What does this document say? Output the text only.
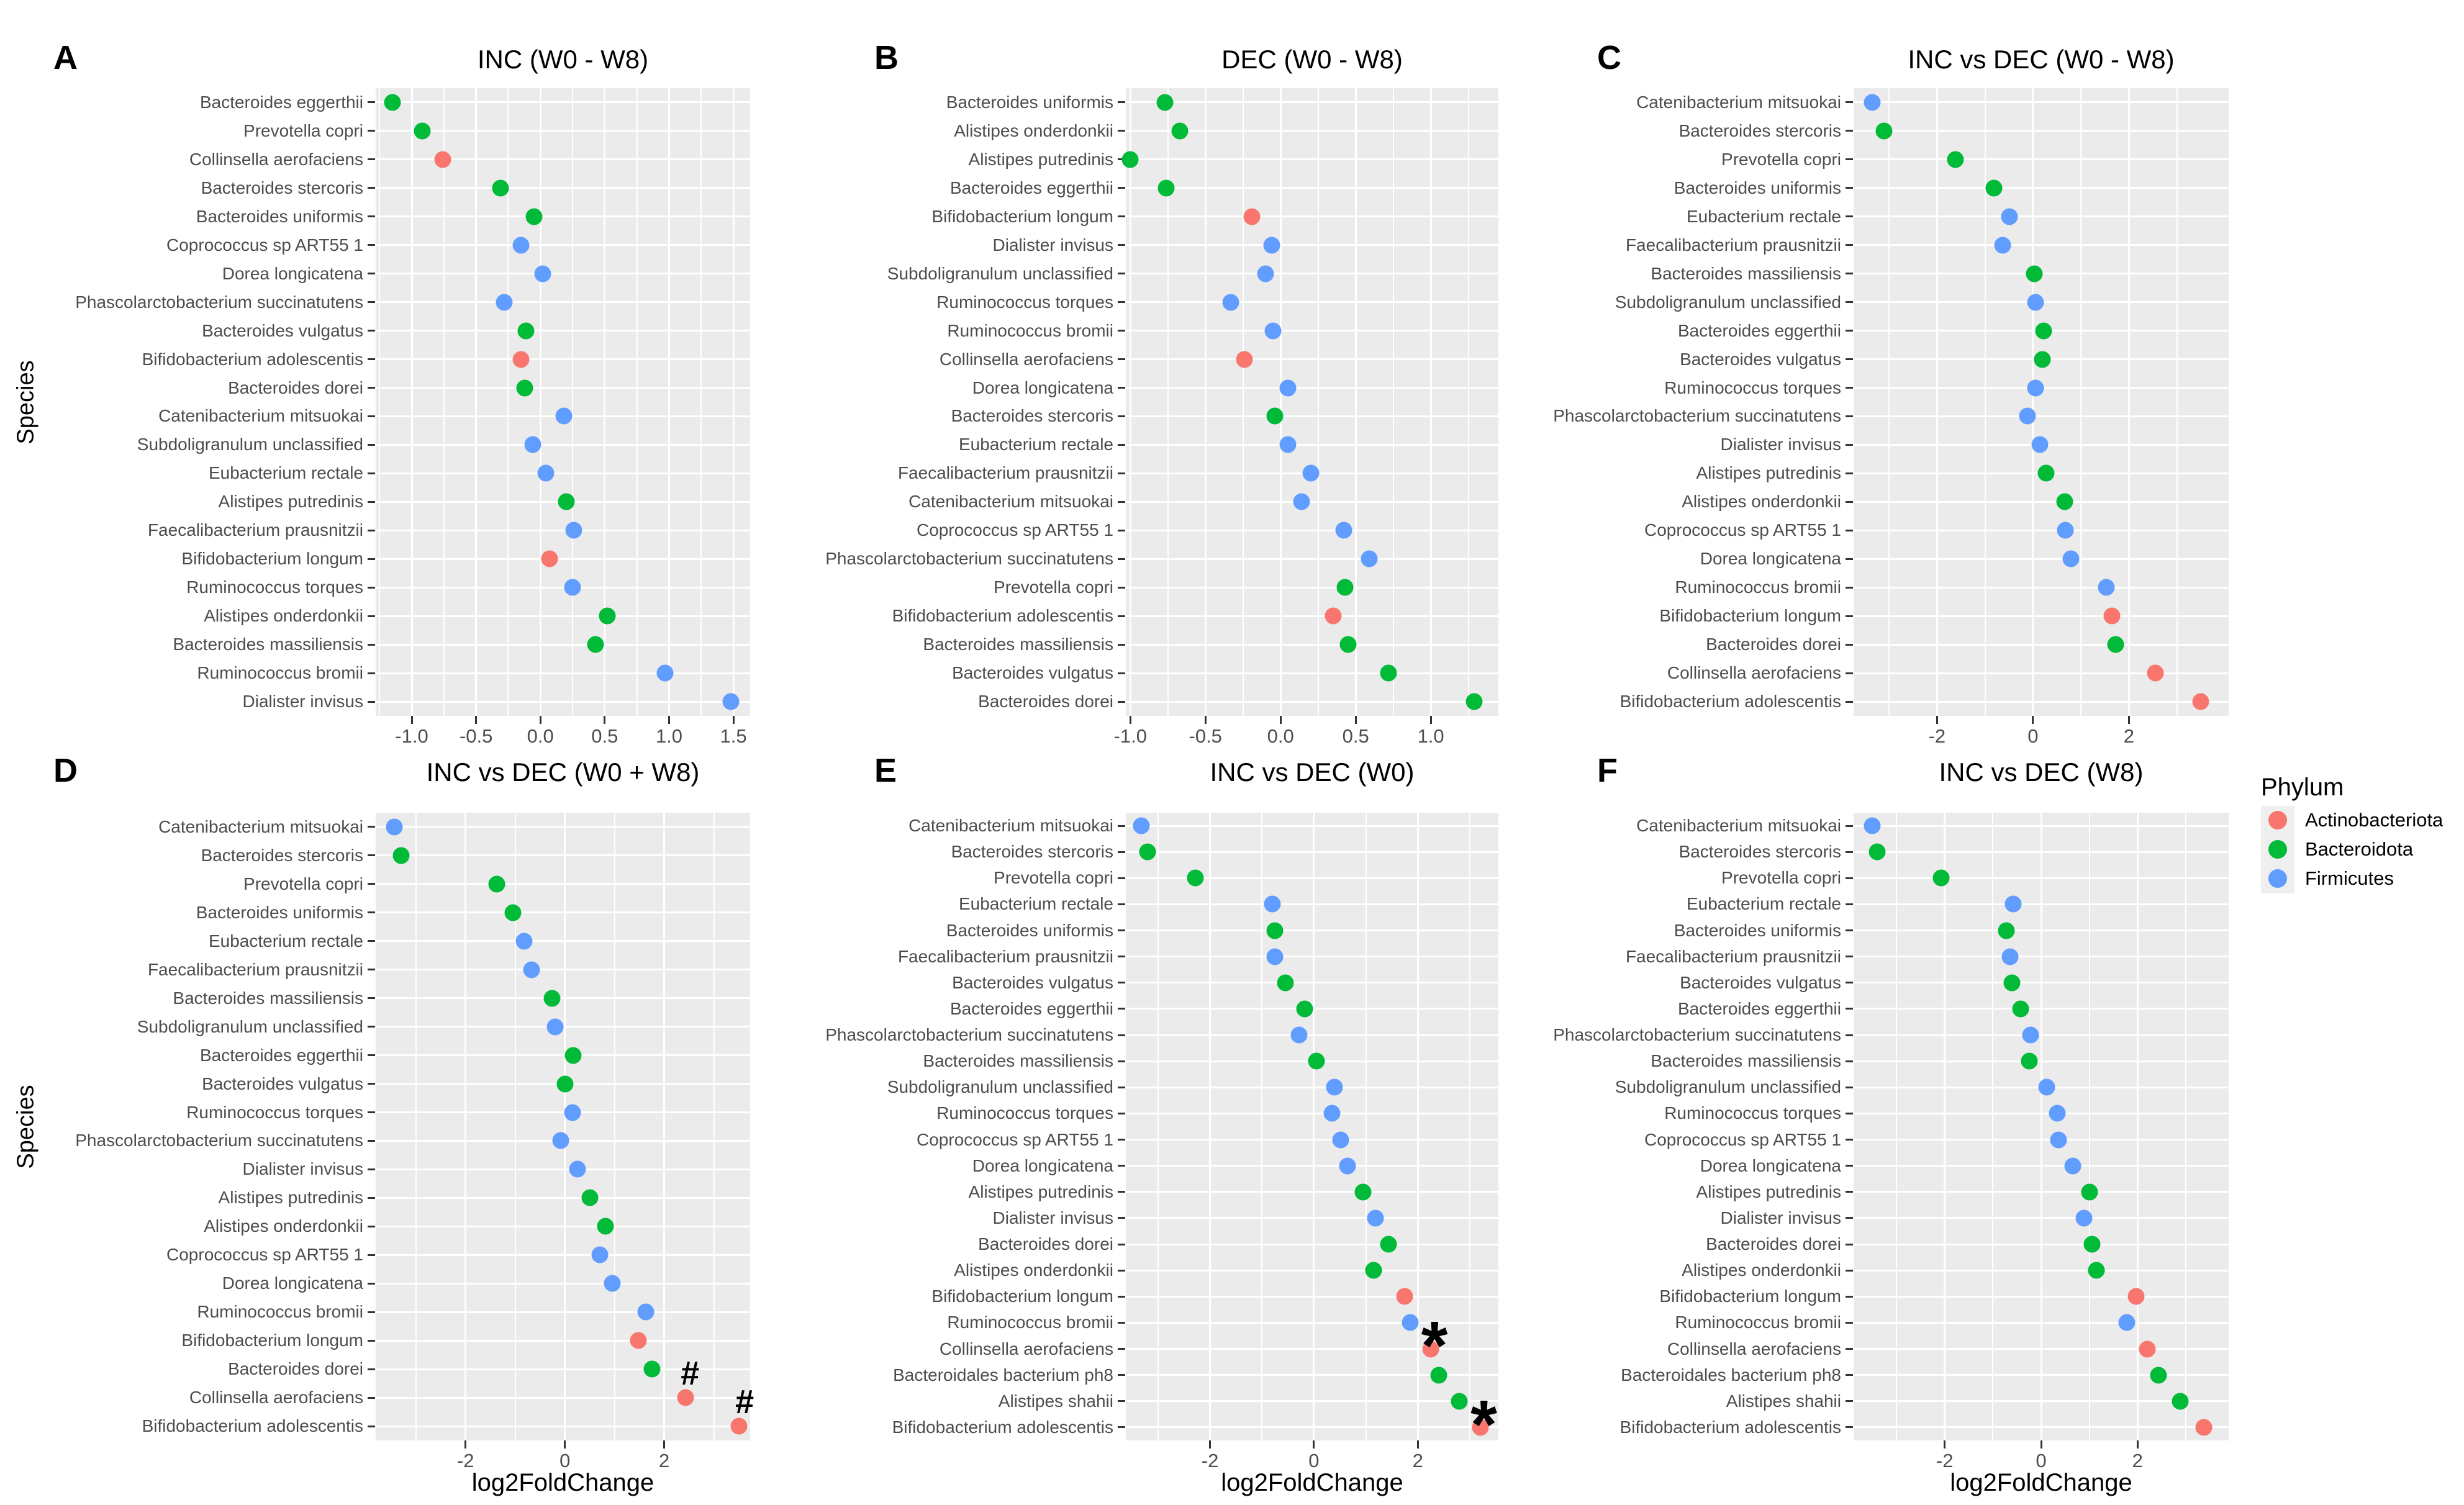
Phylum
Actinobacteriota
Bacteroidota
Firmicutes
A	INC (W0 - W8)
Bacteroides eggerthii
Prevotella copri
Collinsella aerofaciens
Bacteroides stercoris
Bacteroides uniformis
Coprococcus sp ART55 1
Dorea longicatena
Phascolarctobacterium succinatutens
Bacteroides vulgatus
Bifidobacterium adolescentis
Bacteroides dorei
Catenibacterium mitsuokai
Subdoligranulum unclassified
Eubacterium rectale
Alistipes putredinis
Faecalibacterium prausnitzii
Bifidobacterium longum
Ruminococcus torques
Alistipes onderdonkii
Bacteroides massiliensis
Ruminococcus bromii
Dialister invisus
-1.0 -0.5 0.0 0.5 1.0 1.5
Species
B	DEC (W0 - W8)
Bacteroides uniformis
Alistipes onderdonkii
Alistipes putredinis
Bacteroides eggerthii
Bifidobacterium longum
Dialister invisus
Subdoligranulum unclassified
Ruminococcus torques
Ruminococcus bromii
Collinsella aerofaciens
Dorea longicatena
Bacteroides stercoris
Eubacterium rectale
Faecalibacterium prausnitzii
Catenibacterium mitsuokai
Coprococcus sp ART55 1
Phascolarctobacterium succinatutens
Prevotella copri
Bifidobacterium adolescentis
Bacteroides massiliensis
Bacteroides vulgatus
Bacteroides dorei
-1.0 -0.5 0.0	0.5	1.0
C	INC vs DEC (W0 - W8)
Catenibacterium mitsuokai
Bacteroides stercoris
Prevotella copri
Bacteroides uniformis
Eubacterium rectale
Faecalibacterium prausnitzii
Bacteroides massiliensis
Subdoligranulum unclassified
Bacteroides eggerthii
Bacteroides vulgatus
Ruminococcus torques
Phascolarctobacterium succinatutens
Dialister invisus
Alistipes putredinis
Alistipes onderdonkii
Coprococcus sp ART55 1
Dorea longicatena
Ruminococcus bromii
Bifidobacterium longum
Bacteroides dorei
Collinsella aerofaciens
Bifidobacterium adolescentis
-2	0	2
D	INC vs DEC (W0 + W8)
Catenibacterium mitsuokai
Bacteroides stercoris
Prevotella copri
Bacteroides uniformis
Eubacterium rectale
Faecalibacterium prausnitzii
Bacteroides massiliensis
Subdoligranulum unclassified
Bacteroides eggerthii
Bacteroides vulgatus
Ruminococcus torques
Phascolarctobacterium succinatutens
Dialister invisus
Alistipes putredinis
Alistipes onderdonkii
Coprococcus sp ART55 1
Dorea longicatena
Ruminococcus bromii
Bifidobacterium longum
Bacteroides dorei
Collinsella aerofaciens
Bifidobacterium adolescentis
-2	0	2
#
#
log2FoldChange
Species
E	INC vs DEC (W0)
Catenibacterium mitsuokai
Bacteroides stercoris
Prevotella copri
Eubacterium rectale
Bacteroides uniformis
Faecalibacterium prausnitzii
Bacteroides vulgatus
Bacteroides eggerthii
Phascolarctobacterium succinatutens
Bacteroides massiliensis
Subdoligranulum unclassified
Ruminococcus torques
Coprococcus sp ART55 1
Dorea longicatena
Alistipes putredinis
Dialister invisus
Bacteroides dorei
Alistipes onderdonkii
Bifidobacterium longum
Ruminococcus bromii
Collinsella aerofaciens
Bacteroidales bacterium ph8
Alistipes shahii
Bifidobacterium adolescentis
-2	0	2
*
*
log2FoldChange
F	INC vs DEC (W8)
Catenibacterium mitsuokai
Bacteroides stercoris
Prevotella copri
Eubacterium rectale
Bacteroides uniformis
Faecalibacterium prausnitzii
Bacteroides vulgatus
Bacteroides eggerthii
Phascolarctobacterium succinatutens
Bacteroides massiliensis
Subdoligranulum unclassified
Ruminococcus torques
Coprococcus sp ART55 1
Dorea longicatena
Alistipes putredinis
Dialister invisus
Bacteroides dorei
Alistipes onderdonkii
Bifidobacterium longum
Ruminococcus bromii
Collinsella aerofaciens
Bacteroidales bacterium ph8
Alistipes shahii
Bifidobacterium adolescentis
-2	0	2
log2FoldChange
